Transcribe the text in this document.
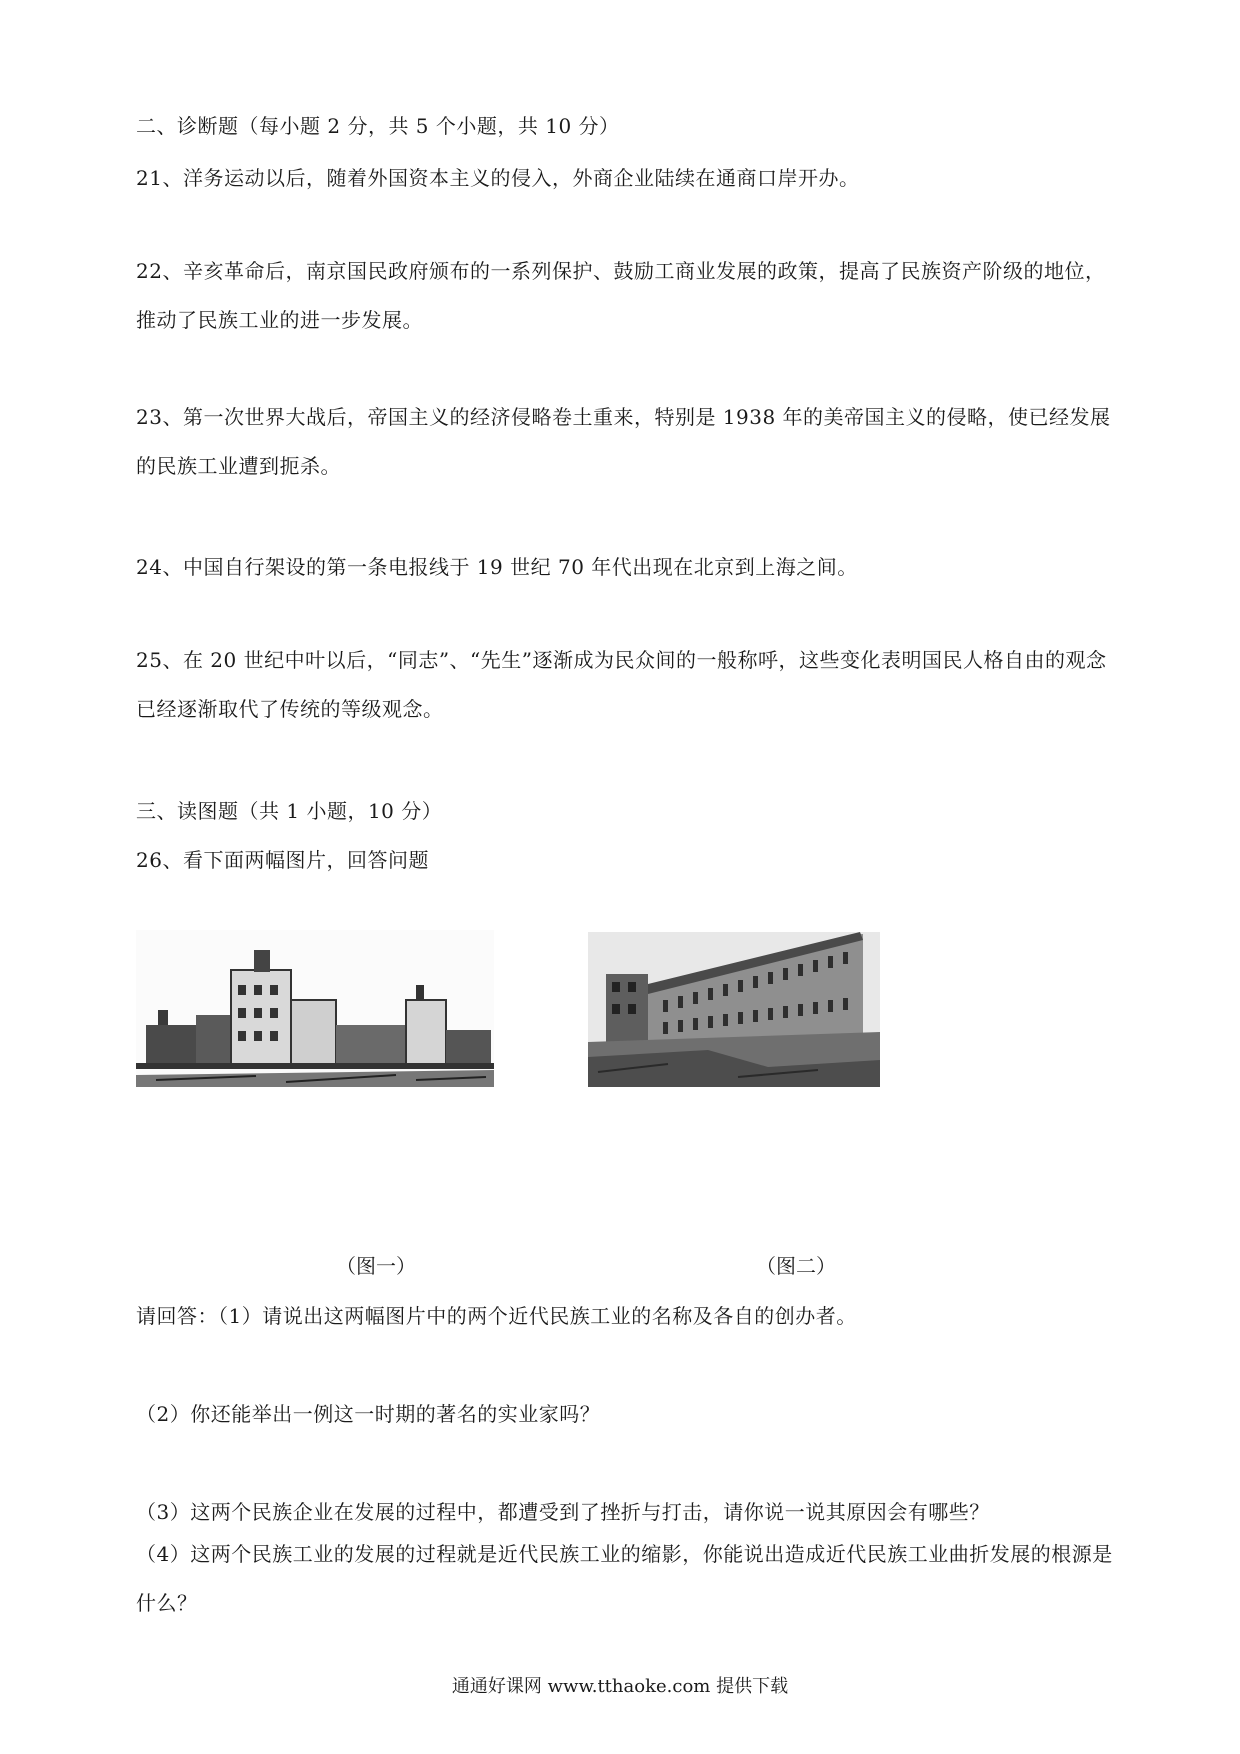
二、诊断题（每小题 2 分，共 5 个小题，共 10 分）
21、洋务运动以后，随着外国资本主义的侵入，外商企业陆续在通商口岸开办。
22、辛亥革命后，南京国民政府颁布的一系列保护、鼓励工商业发展的政策，提高了民族资产阶级的地位，推动了民族工业的进一步发展。
23、第一次世界大战后，帝国主义的经济侵略卷土重来，特别是 1938 年的美帝国主义的侵略，使已经发展的民族工业遭到扼杀。
24、中国自行架设的第一条电报线于 19 世纪 70 年代出现在北京到上海之间。
25、在 20 世纪中叶以后，“同志”、“先生”逐渐成为民众间的一般称呼，这些变化表明国民人格自由的观念已经逐渐取代了传统的等级观念。
三、读图题（共 1 小题，10 分）
26、看下面两幅图片，回答问题
（图一）	（图二）
请回答：（1）请说出这两幅图片中的两个近代民族工业的名称及各自的创办者。
（2）你还能举出一例这一时期的著名的实业家吗？
（3）这两个民族企业在发展的过程中，都遭受到了挫折与打击，请你说一说其原因会有哪些？
（4）这两个民族工业的发展的过程就是近代民族工业的缩影，你能说出造成近代民族工业曲折发展的根源是什么？
通通好课网 www.tthaoke.com 提供下载
